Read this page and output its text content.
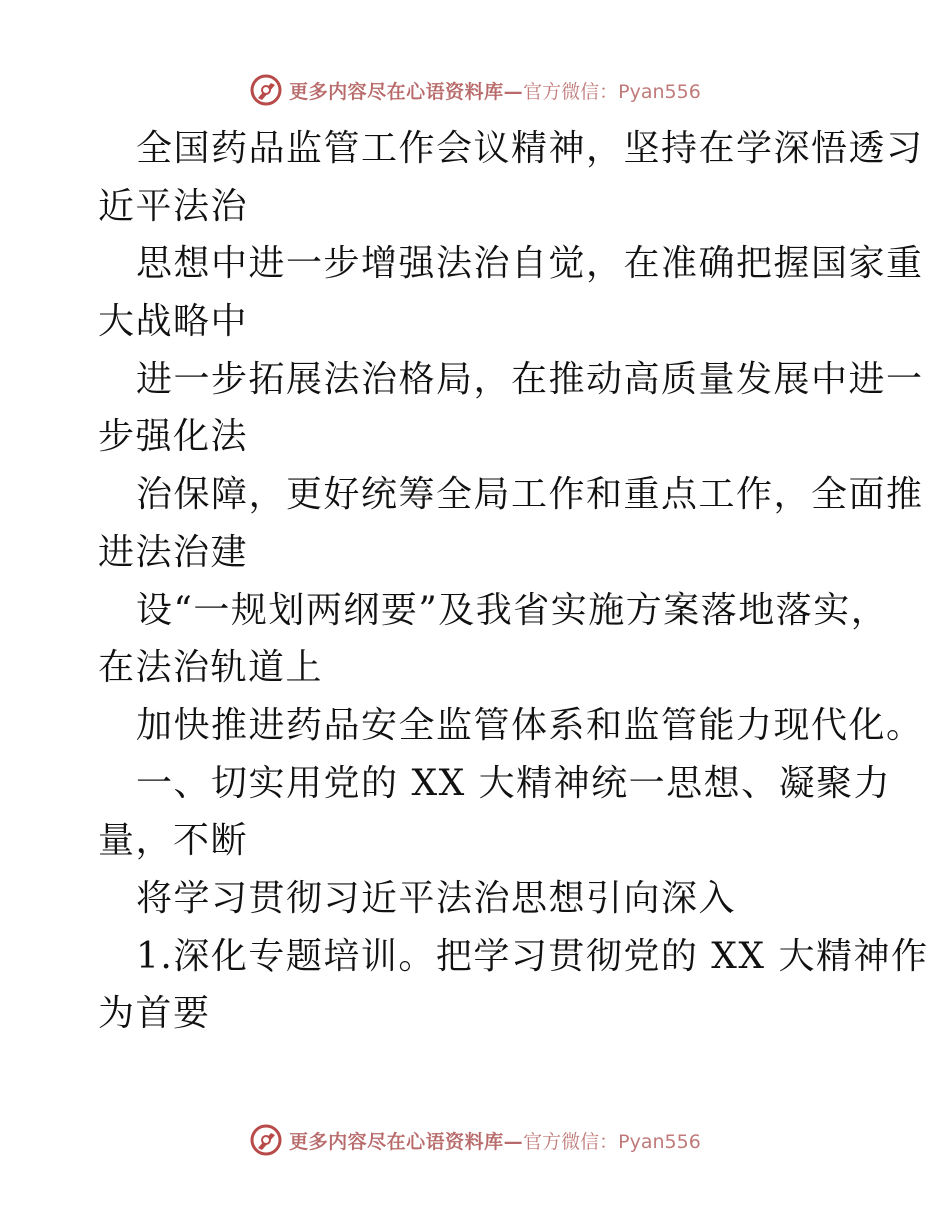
更多内容尽在心语资料库— 官方微信：Pyan556
全国药品监管工作会议精神，坚持在学深悟透习
近平法治
思想中进一步增强法治自觉，在准确把握国家重
大战略中
进一步拓展法治格局，在推动高质量发展中进一
步强化法
治保障，更好统筹全局工作和重点工作，全面推
进法治建
设“一规划两纲要”及我省实施方案落地落实，
在法治轨道上
加快推进药品安全监管体系和监管能力现代化。
一、切实用党的 XX 大精神统一思想、凝聚力
量，不断
将学习贯彻习近平法治思想引向深入
1.深化专题培训。把学习贯彻党的 XX 大精神作
为首要
更多内容尽在心语资料库— 官方微信：Pyan556
